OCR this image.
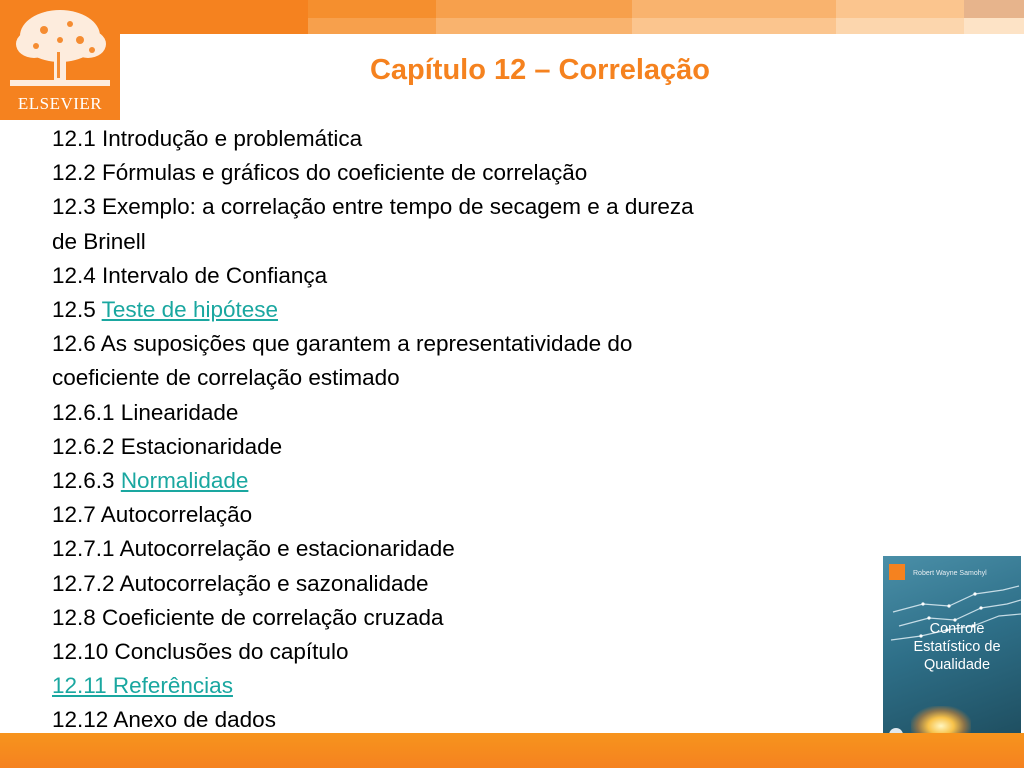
ELSEVIER
Capítulo 12 – Correlação
12.1 Introdução e problemática
12.2 Fórmulas e gráficos do coeficiente de correlação
12.3 Exemplo: a correlação entre tempo de secagem e a dureza
de Brinell
12.4 Intervalo de Confiança
12.5 Teste de hipótese
12.6 As suposições que garantem a representatividade do
coeficiente de correlação estimado
12.6.1 Linearidade
12.6.2 Estacionaridade
12.6.3 Normalidade
12.7 Autocorrelação
12.7.1 Autocorrelação e estacionaridade
12.7.2 Autocorrelação e sazonalidade
12.8 Coeficiente de correlação cruzada
12.10 Conclusões do capítulo
12.11 Referências
12.12 Anexo de dados
Robert Wayne Samohyl
Controle
Estatístico de
Qualidade
